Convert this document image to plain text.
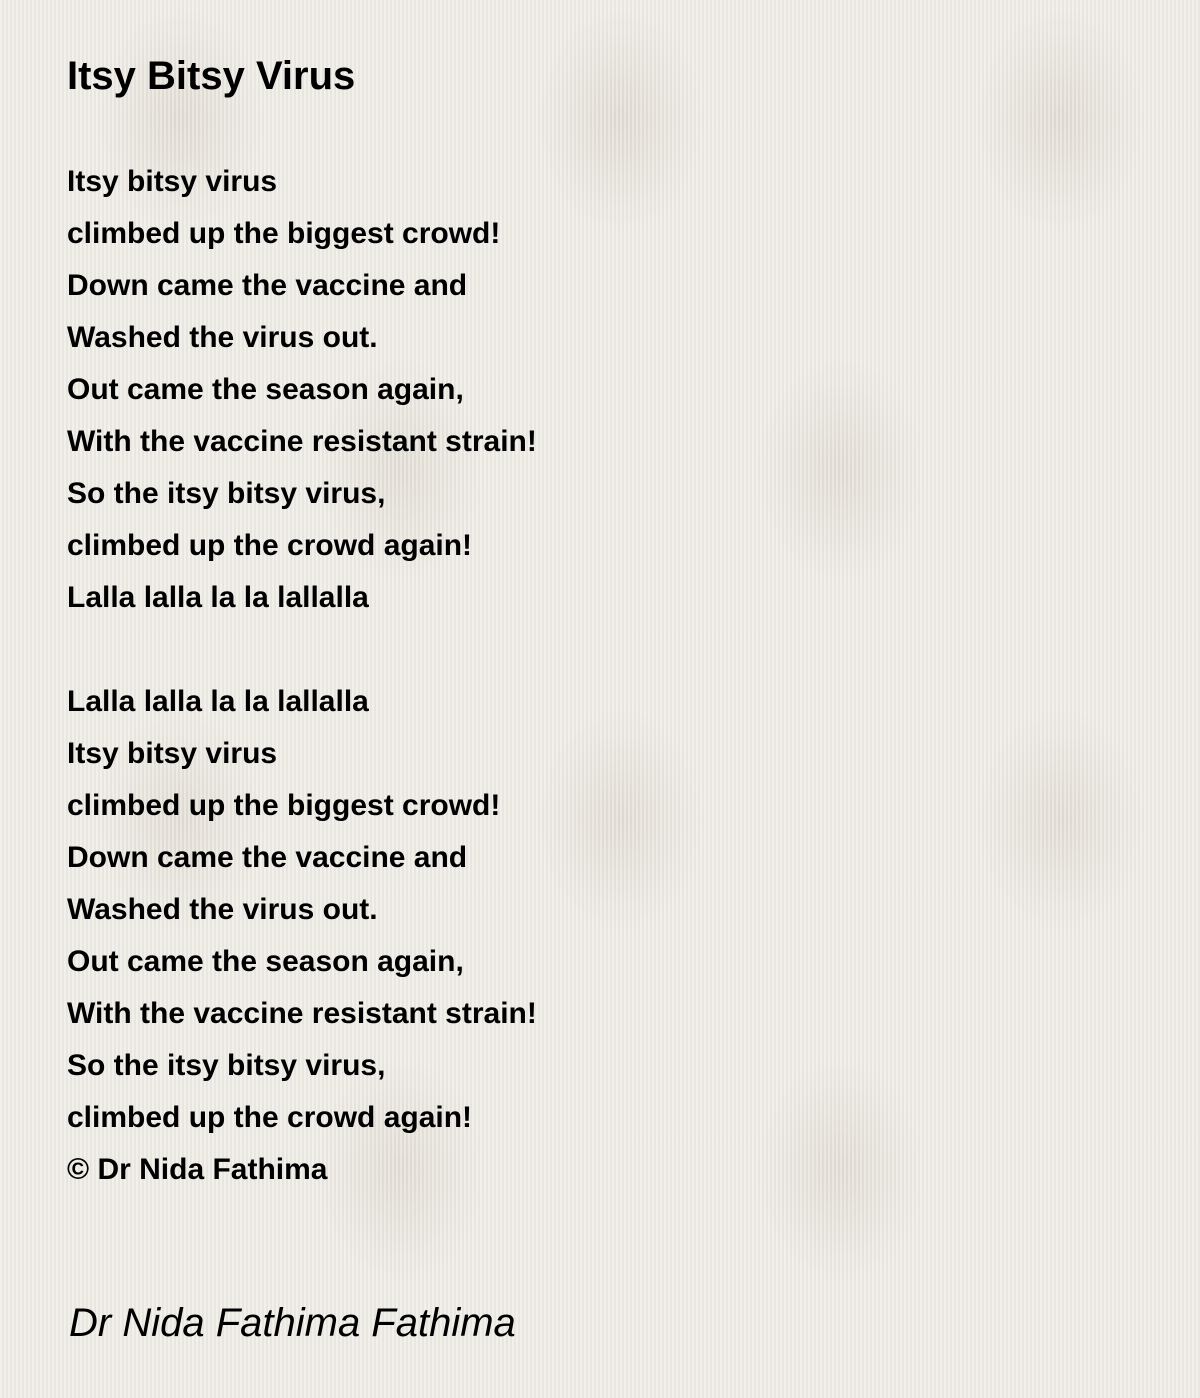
Itsy Bitsy Virus
Itsy bitsy virus
climbed up the biggest crowd!
Down came the vaccine and
Washed the virus out.
Out came the season again,
With the vaccine resistant strain!
So the itsy bitsy virus,
climbed up the crowd again!
Lalla lalla la la lallalla
Lalla lalla la la lallalla
Itsy bitsy virus
climbed up the biggest crowd!
Down came the vaccine and
Washed the virus out.
Out came the season again,
With the vaccine resistant strain!
So the itsy bitsy virus,
climbed up the crowd again!
© Dr Nida Fathima
Dr Nida Fathima Fathima
